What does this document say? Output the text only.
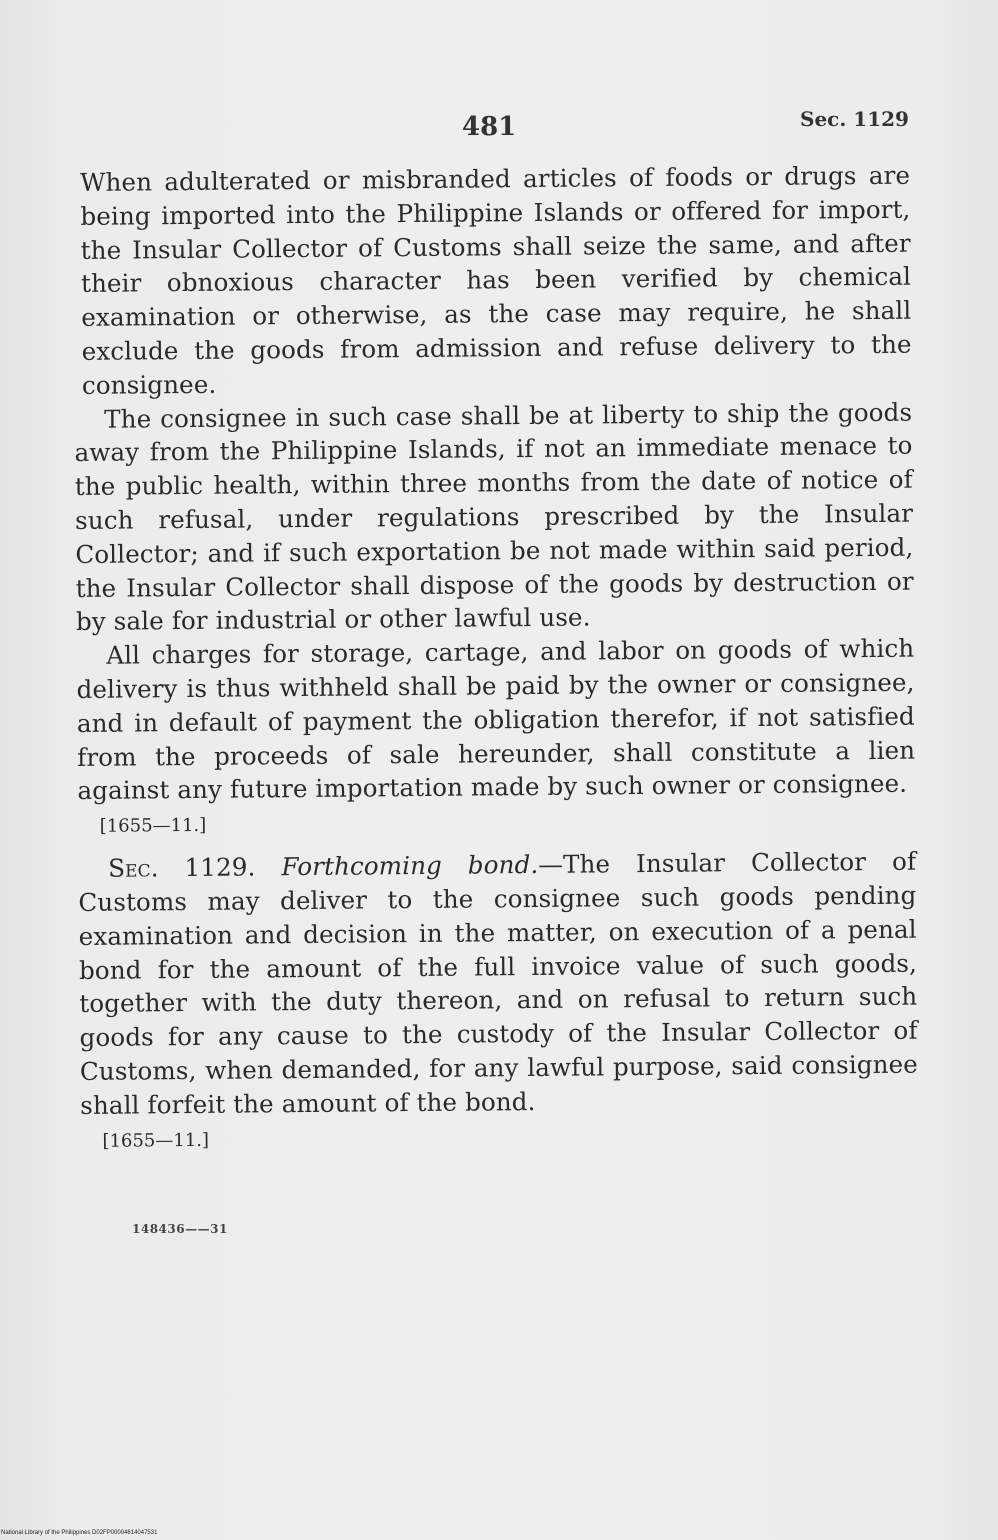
481	Sec. 1129

When adulterated or misbranded articles of foods or drugs are being imported into the Philippine Islands or offered for import, the Insular Collector of Customs shall seize the same, and after their obnoxious character has been verified by chemical examination or otherwise, as the case may require, he shall exclude the goods from admission and refuse delivery to the consignee.

The consignee in such case shall be at liberty to ship the goods away from the Philippine Islands, if not an immediate menace to the public health, within three months from the date of notice of such refusal, under regulations prescribed by the Insular Collector; and if such exportation be not made within said period, the Insular Collector shall dispose of the goods by destruction or by sale for industrial or other lawful use.

All charges for storage, cartage, and labor on goods of which delivery is thus withheld shall be paid by the owner or consignee, and in default of payment the obligation therefor, if not satisfied from the proceeds of sale hereunder, shall constitute a lien against any future importation made by such owner or consignee.

[1655—11.]

Sec. 1129. Forthcoming bond.—The Insular Collector of Customs may deliver to the consignee such goods pending examination and decision in the matter, on execution of a penal bond for the amount of the full invoice value of such goods, together with the duty thereon, and on refusal to return such goods for any cause to the custody of the Insular Collector of Customs, when demanded, for any lawful purpose, said consignee shall forfeit the amount of the bond.

[1655—11.]
148436——31
National Library of the Philippines D02FP00004614047531
